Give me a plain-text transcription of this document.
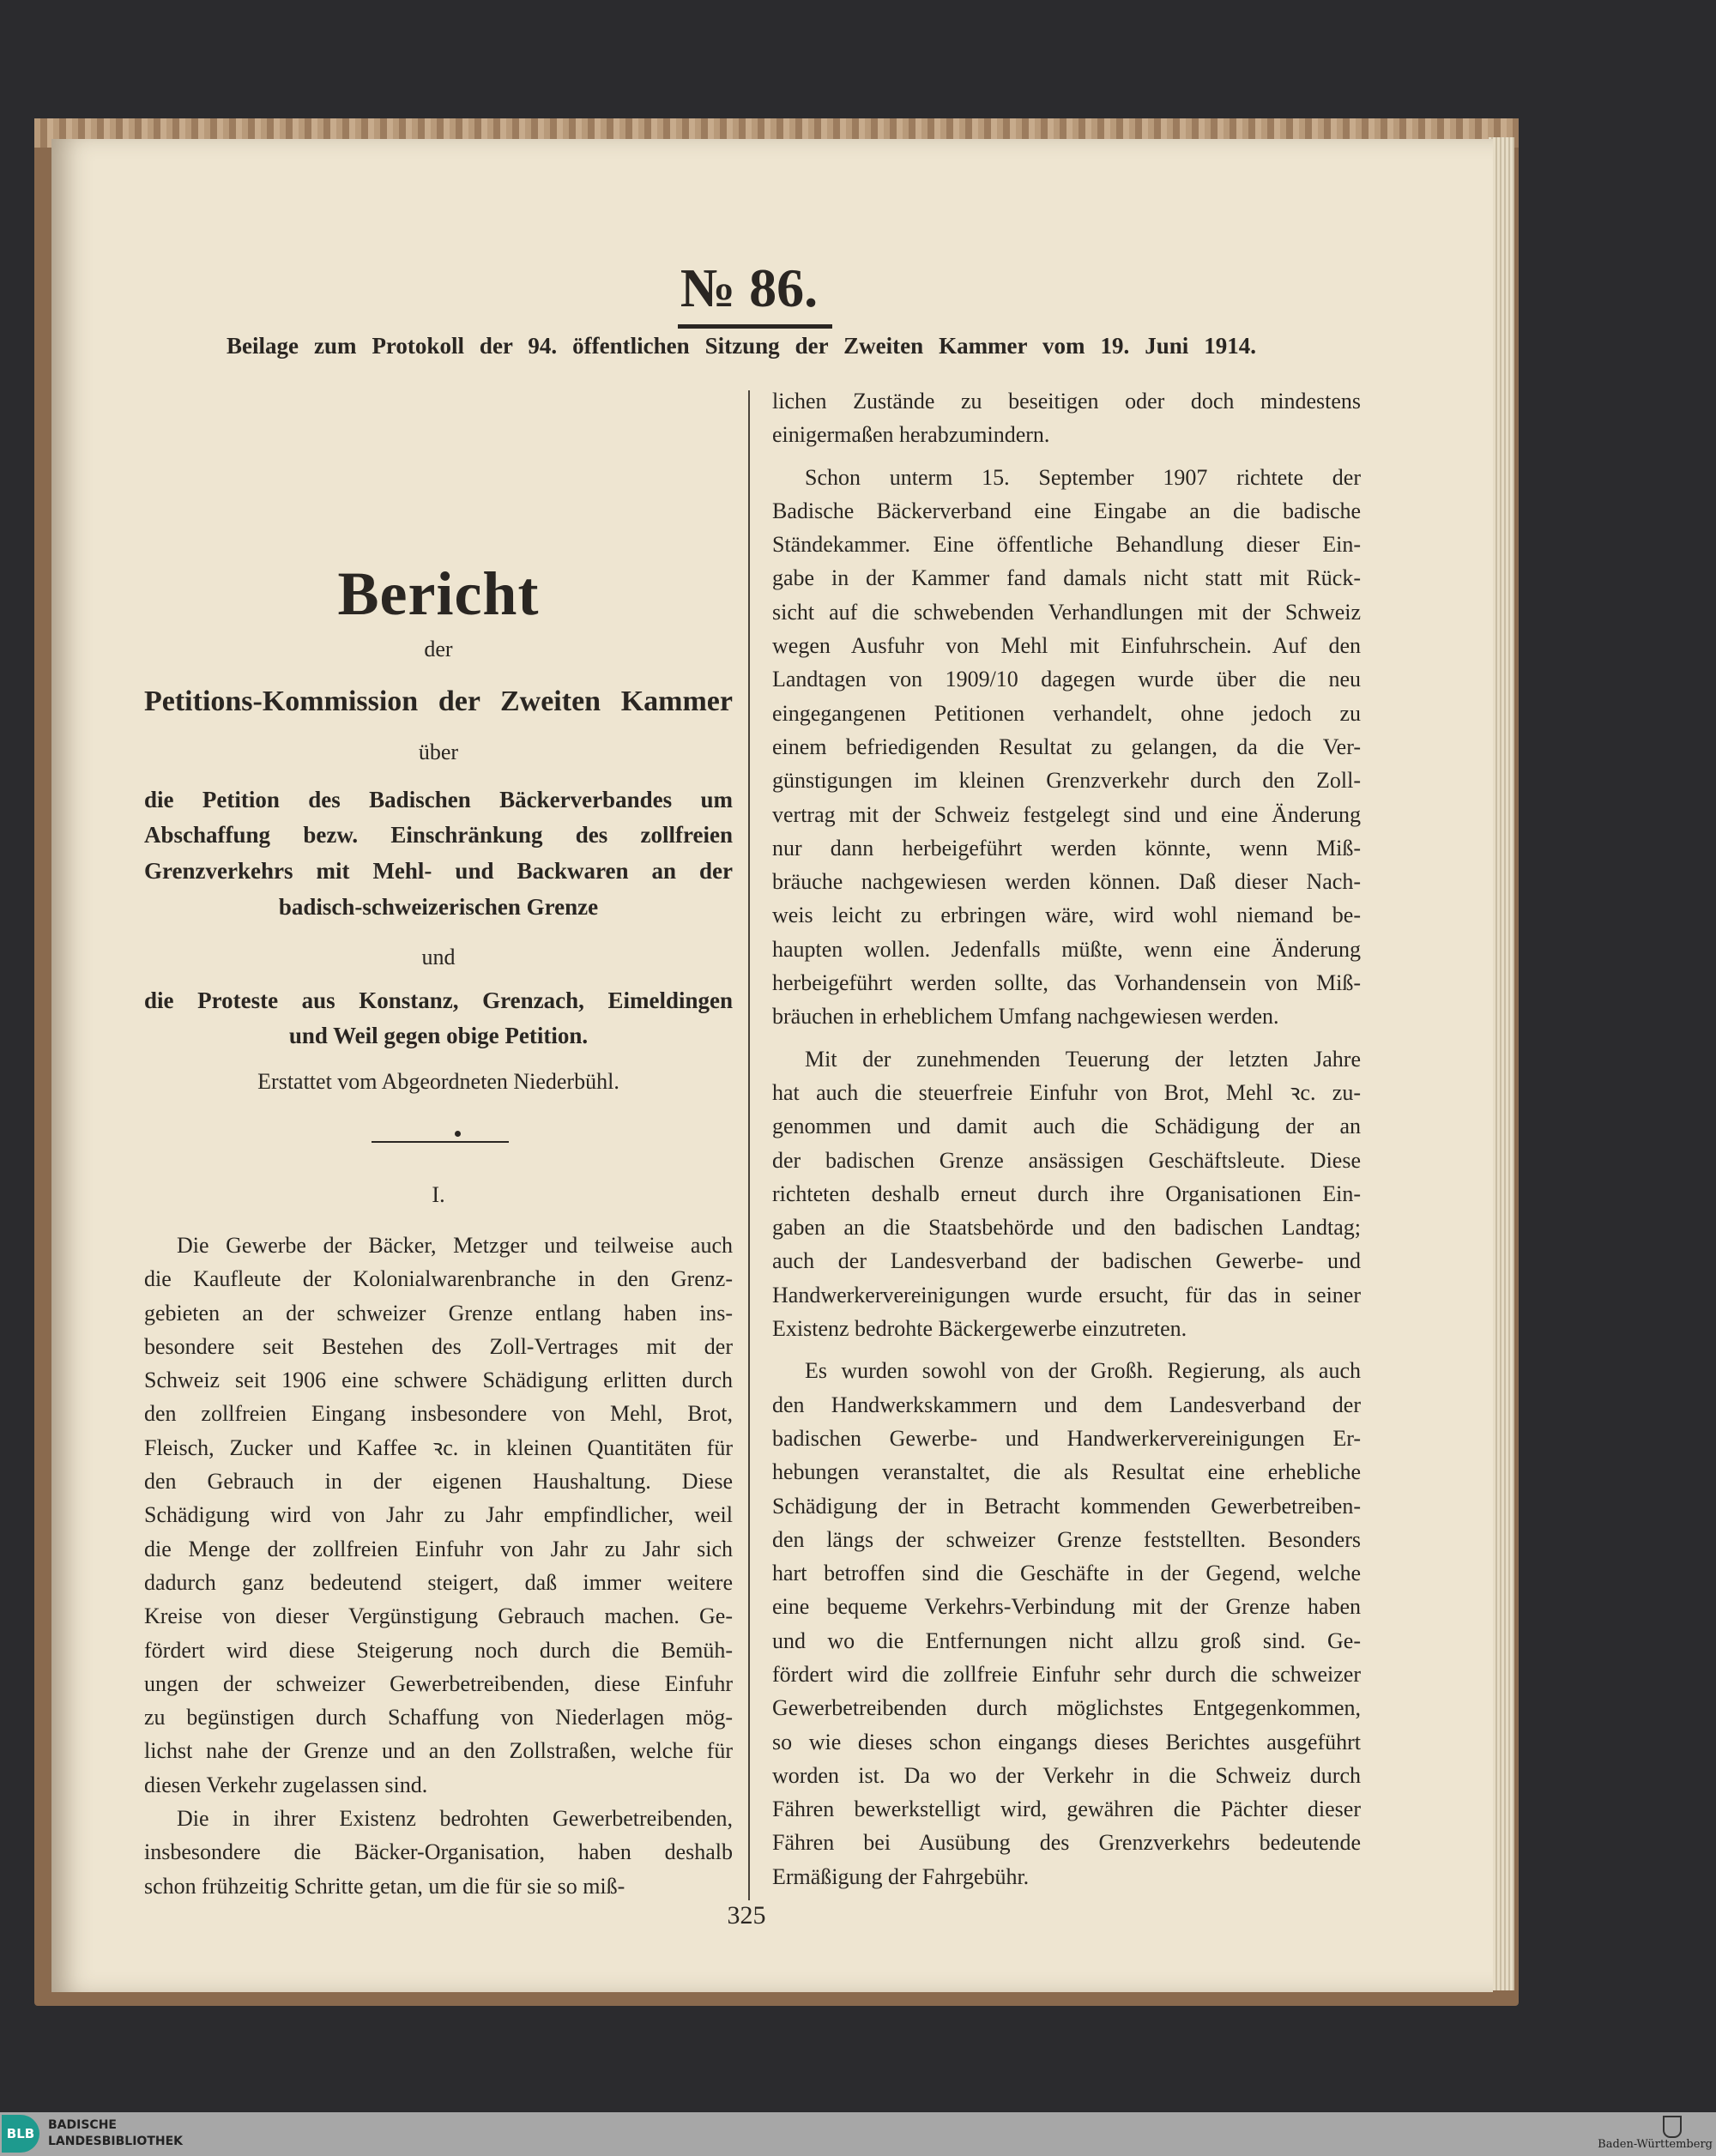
№ 86.
Beilage zum Protokoll der 94. öffentlichen Sitzung der Zweiten Kammer vom 19. Juni 1914.
Bericht
der
Petitions-Kommission der Zweiten Kammer
über
die Petition des Badischen Bäckerverbandes um
Abschaffung bezw. Einschränkung des zollfreien
Grenzverkehrs mit Mehl- und Backwaren an der
badisch-schweizerischen Grenze
und
die Proteste aus Konstanz, Grenzach, Eimeldingen
und Weil gegen obige Petition.
Erstattet vom Abgeordneten Niederbühl.
I.
Die Gewerbe der Bäcker, Metzger und teilweise auch
die Kaufleute der Kolonialwarenbranche in den Grenz-
gebieten an der schweizer Grenze entlang haben ins-
besondere seit Bestehen des Zoll-Vertrages mit der
Schweiz seit 1906 eine schwere Schädigung erlitten durch
den zollfreien Eingang insbesondere von Mehl, Brot,
Fleisch, Zucker und Kaffee ꝛc. in kleinen Quantitäten für
den Gebrauch in der eigenen Haushaltung. Diese
Schädigung wird von Jahr zu Jahr empfindlicher, weil
die Menge der zollfreien Einfuhr von Jahr zu Jahr sich
dadurch ganz bedeutend steigert, daß immer weitere
Kreise von dieser Vergünstigung Gebrauch machen. Ge-
fördert wird diese Steigerung noch durch die Bemüh-
ungen der schweizer Gewerbetreibenden, diese Einfuhr
zu begünstigen durch Schaffung von Niederlagen mög-
lichst nahe der Grenze und an den Zollstraßen, welche für
diesen Verkehr zugelassen sind.
Die in ihrer Existenz bedrohten Gewerbetreibenden,
insbesondere die Bäcker-Organisation, haben deshalb
schon frühzeitig Schritte getan, um die für sie so miß-
lichen Zustände zu beseitigen oder doch mindestens
einigermaßen herabzumindern.
Schon unterm 15. September 1907 richtete der
Badische Bäckerverband eine Eingabe an die badische
Ständekammer. Eine öffentliche Behandlung dieser Ein-
gabe in der Kammer fand damals nicht statt mit Rück-
sicht auf die schwebenden Verhandlungen mit der Schweiz
wegen Ausfuhr von Mehl mit Einfuhrschein. Auf den
Landtagen von 1909/10 dagegen wurde über die neu
eingegangenen Petitionen verhandelt, ohne jedoch zu
einem befriedigenden Resultat zu gelangen, da die Ver-
günstigungen im kleinen Grenzverkehr durch den Zoll-
vertrag mit der Schweiz festgelegt sind und eine Änderung
nur dann herbeigeführt werden könnte, wenn Miß-
bräuche nachgewiesen werden können. Daß dieser Nach-
weis leicht zu erbringen wäre, wird wohl niemand be-
haupten wollen. Jedenfalls müßte, wenn eine Änderung
herbeigeführt werden sollte, das Vorhandensein von Miß-
bräuchen in erheblichem Umfang nachgewiesen werden.
Mit der zunehmenden Teuerung der letzten Jahre
hat auch die steuerfreie Einfuhr von Brot, Mehl ꝛc. zu-
genommen und damit auch die Schädigung der an
der badischen Grenze ansässigen Geschäftsleute. Diese
richteten deshalb erneut durch ihre Organisationen Ein-
gaben an die Staatsbehörde und den badischen Landtag;
auch der Landesverband der badischen Gewerbe- und
Handwerkervereinigungen wurde ersucht, für das in seiner
Existenz bedrohte Bäckergewerbe einzutreten.
Es wurden sowohl von der Großh. Regierung, als auch
den Handwerkskammern und dem Landesverband der
badischen Gewerbe- und Handwerkervereinigungen Er-
hebungen veranstaltet, die als Resultat eine erhebliche
Schädigung der in Betracht kommenden Gewerbetreiben-
den längs der schweizer Grenze feststellten. Besonders
hart betroffen sind die Geschäfte in der Gegend, welche
eine bequeme Verkehrs-Verbindung mit der Grenze haben
und wo die Entfernungen nicht allzu groß sind. Ge-
fördert wird die zollfreie Einfuhr sehr durch die schweizer
Gewerbetreibenden durch möglichstes Entgegenkommen,
so wie dieses schon eingangs dieses Berichtes ausgeführt
worden ist. Da wo der Verkehr in die Schweiz durch
Fähren bewerkstelligt wird, gewähren die Pächter dieser
Fähren bei Ausübung des Grenzverkehrs bedeutende
Ermäßigung der Fahrgebühr.
325
BLB
BADISCHE
LANDESBIBLIOTHEK	Baden-Württemberg
